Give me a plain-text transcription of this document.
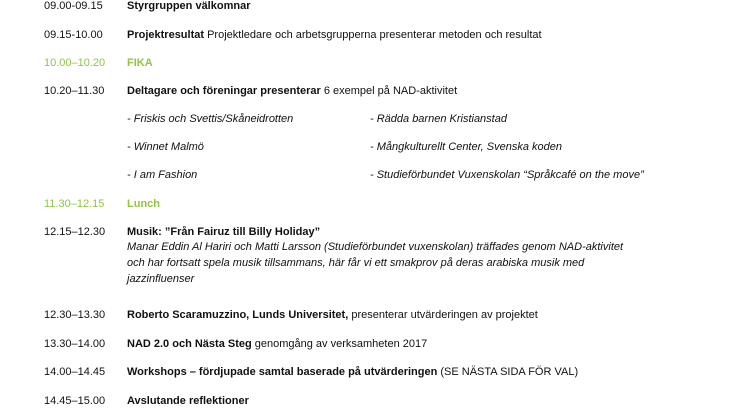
09.00-09.15 Styrgruppen välkomnar
09.15-10.00 Projektresultat Projektledare och arbetsgrupperna presenterar metoden och resultat
10.00–10.20 FIKA
10.20–11.30 Deltagare och föreningar presenterar 6 exempel på NAD-aktivitet
- Friskis och Svettis/Skåneidrotten	- Rädda barnen Kristianstad
- Winnet Malmö	- Mångkulturellt Center, Svenska koden
- I am Fashion	- Studieförbundet Vuxenskolan “Språkcafé on the move”
11.30–12.15 Lunch
12.15–12.30 Musik: ”Från Fairuz till Billy Holiday”
Manar Eddin Al Hariri och Matti Larsson (Studieförbundet vuxenskolan) träffades genom NAD-aktivitet
och har fortsatt spela musik tillsammans, här får vi ett smakprov på deras arabiska musik med
jazzinfluenser
12.30–13.30 Roberto Scaramuzzino, Lunds Universitet, presenterar utvärderingen av projektet
13.30–14.00 NAD 2.0 och Nästa Steg genomgång av verksamheten 2017
14.00–14.45 Workshops – fördjupade samtal baserade på utvärderingen (SE NÄSTA SIDA FÖR VAL)
14.45–15.00 Avslutande reflektioner
